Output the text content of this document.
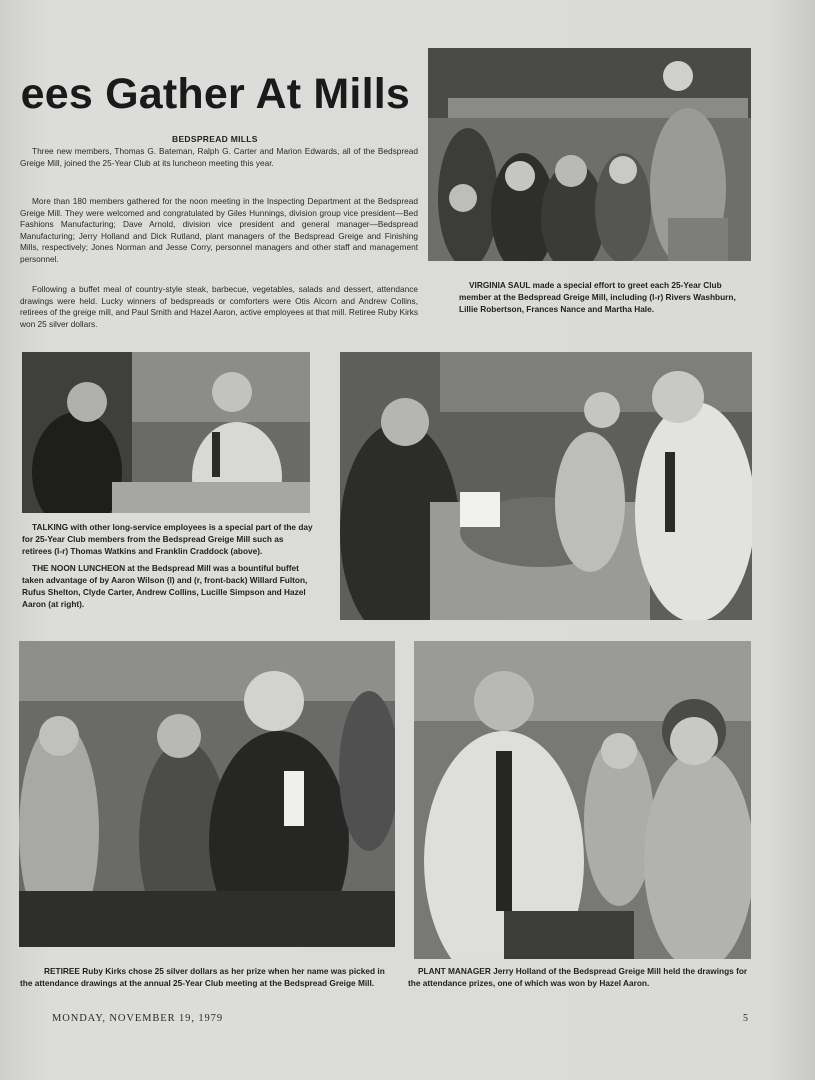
ees Gather At Mills
BEDSPREAD MILLS

Three new members, Thomas G. Bateman, Ralph G. Carter and Marion Edwards, all of the Bedspread Greige Mill, joined the 25-Year Club at its luncheon meeting this year.

More than 180 members gathered for the noon meeting in the Inspecting Department at the Bedspread Greige Mill. They were welcomed and congratulated by Giles Hunnings, division group vice president—Bed Fashions Manufacturing; Dave Arnold, division vice president and general manager—Bedspread Manufacturing; Jerry Holland and Dick Rutland, plant managers of the Bedspread Greige and Finishing Mills, respectively; Jones Norman and Jesse Corry, personnel managers and other staff and management personnel.

Following a buffet meal of country-style steak, barbecue, vegetables, salads and dessert, attendance drawings were held. Lucky winners of bedspreads or comforters were Otis Alcorn and Andrew Collins, retirees of the greige mill, and Paul Smith and Hazel Aaron, active employees at that mill. Retiree Ruby Kirks won 25 silver dollars.

VIRGINIA SAUL made a special effort to greet each 25-Year Club member at the Bedspread Greige Mill, including (l-r) Rivers Washburn, Lillie Robertson, Frances Nance and Martha Hale.

TALKING with other long-service employees is a special part of the day for 25-Year Club members from the Bedspread Greige Mill such as retirees (l-r) Thomas Watkins and Franklin Craddock (above).

THE NOON LUNCHEON at the Bedspread Mill was a bountiful buffet taken advantage of by Aaron Wilson (l) and (r, front-back) Willard Fulton, Rufus Shelton, Clyde Carter, Andrew Collins, Lucille Simpson and Hazel Aaron (at right).

RETIREE Ruby Kirks chose 25 silver dollars as her prize when her name was picked in the attendance drawings at the annual 25-Year Club meeting at the Bedspread Greige Mill.

PLANT MANAGER Jerry Holland of the Bedspread Greige Mill held the drawings for the attendance prizes, one of which was won by Hazel Aaron.

MONDAY, NOVEMBER 19, 1979	5
